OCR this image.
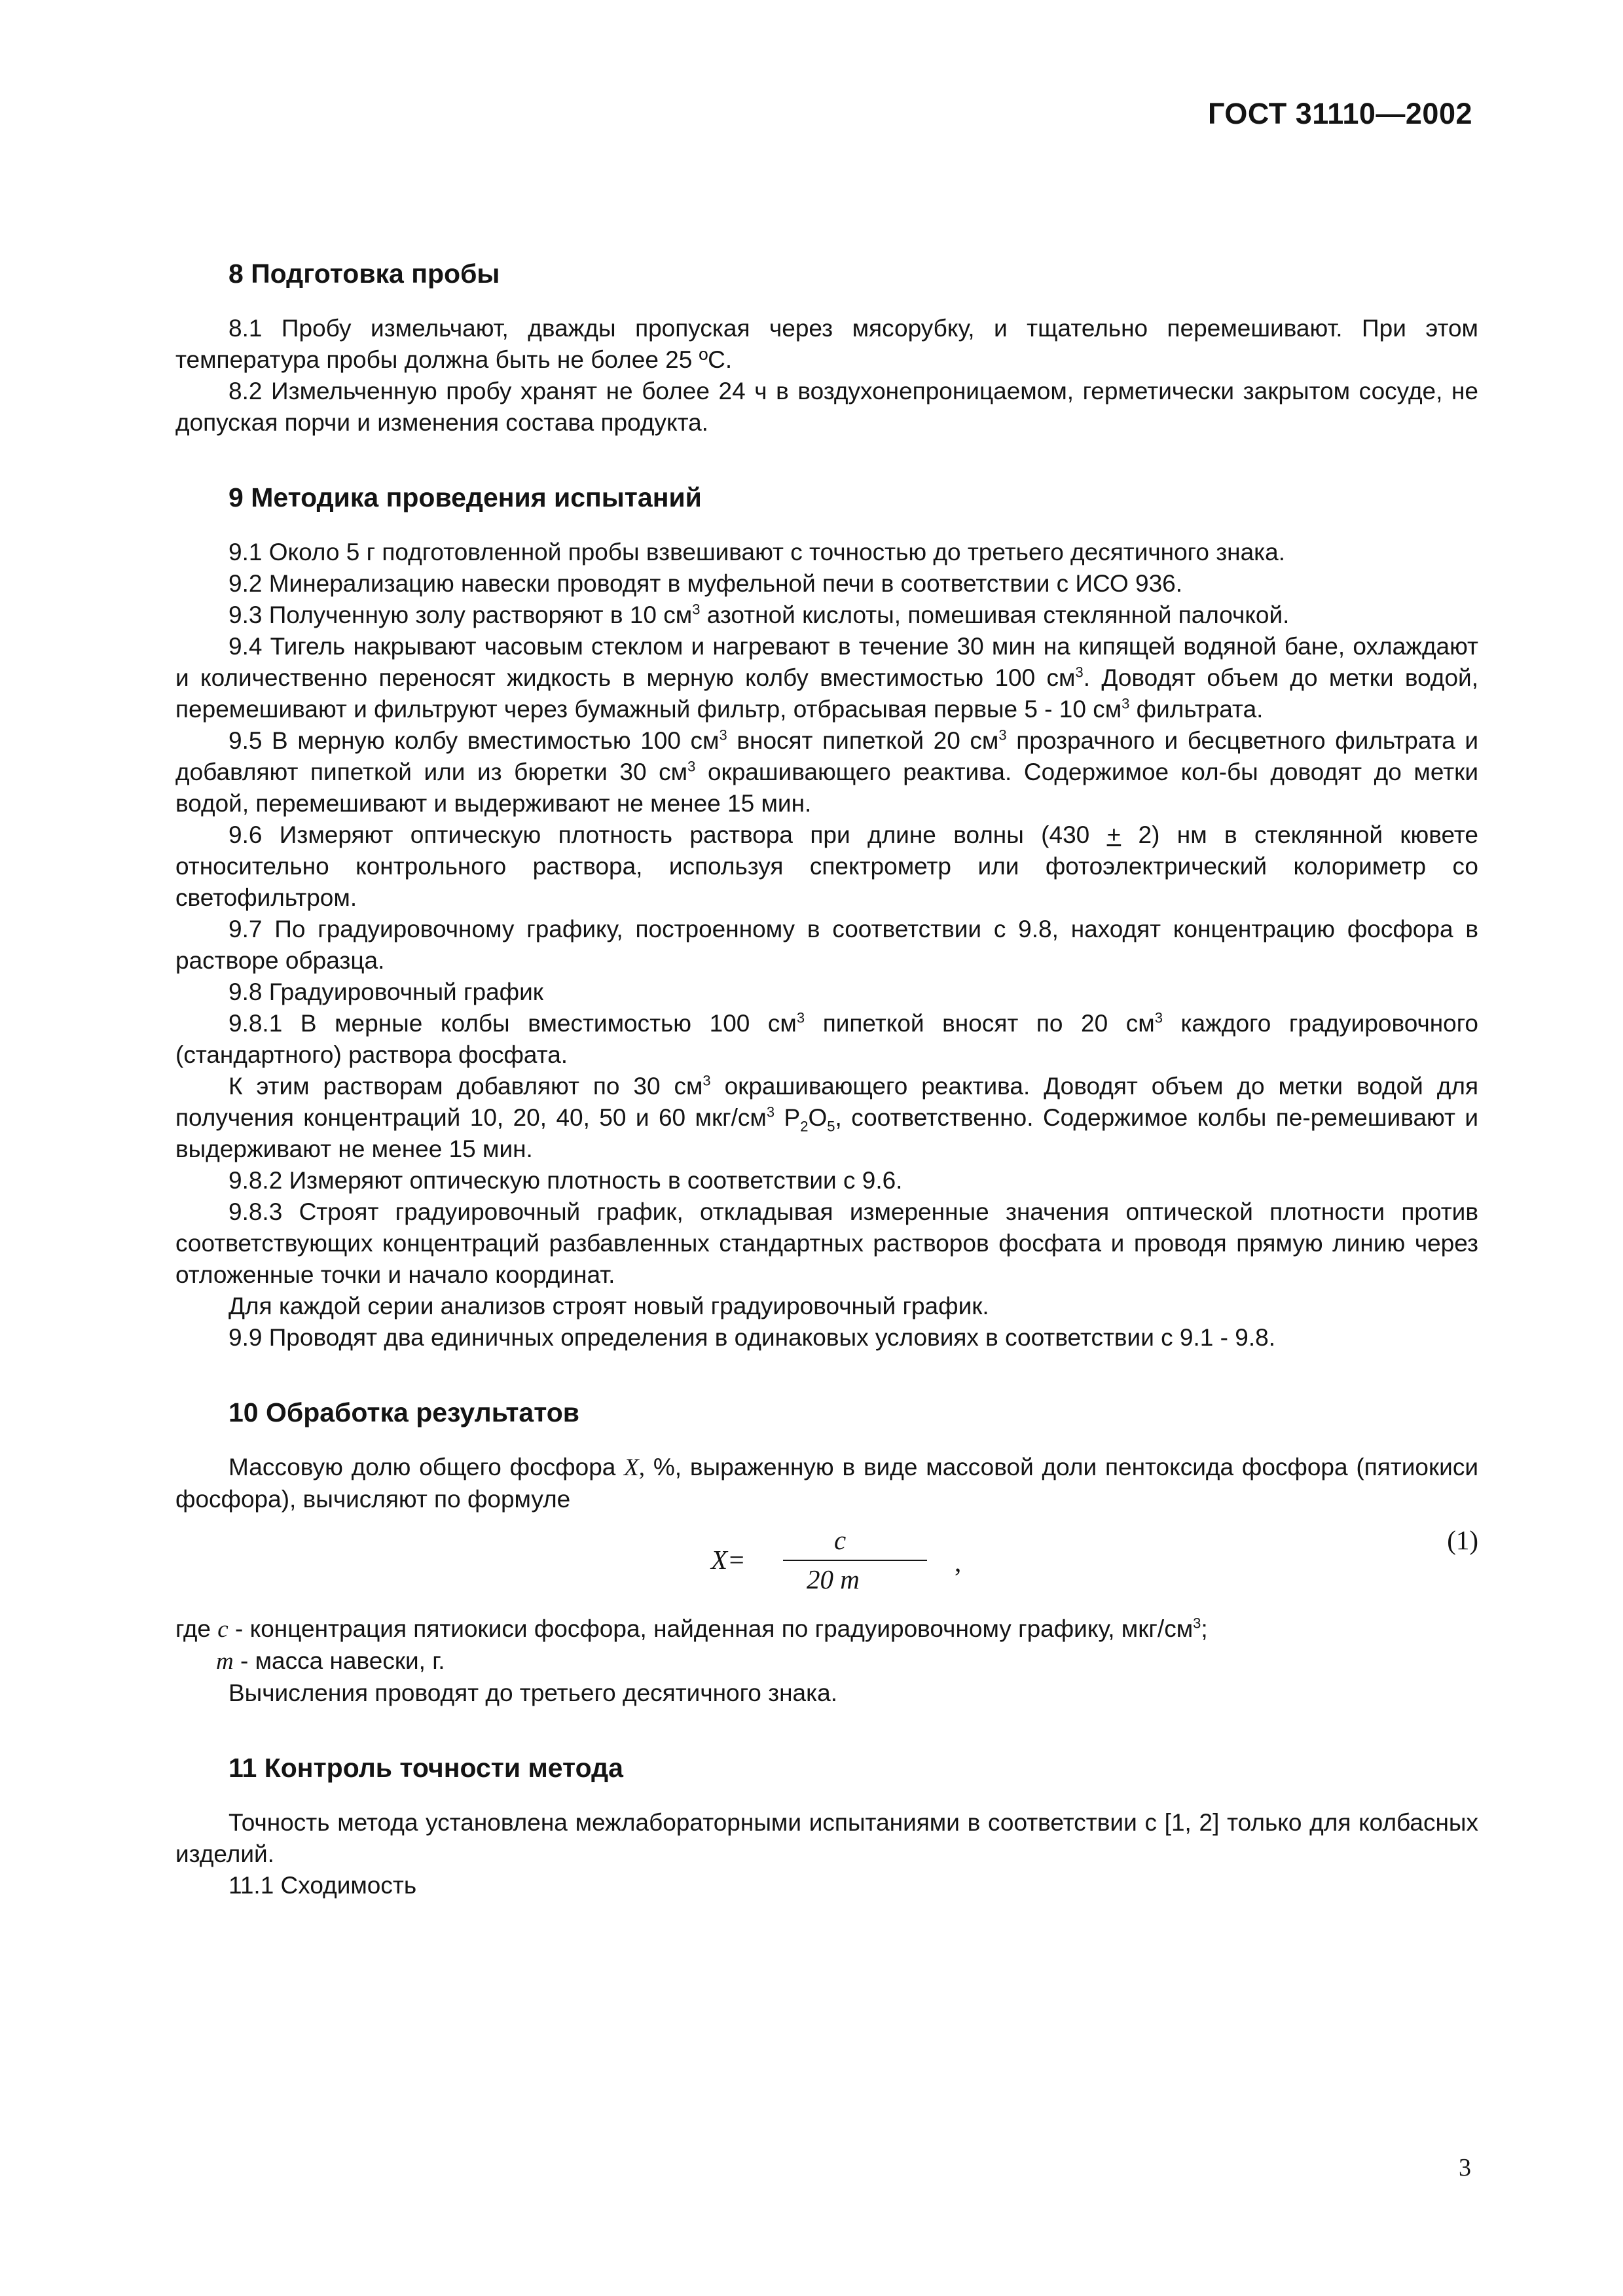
ГОСТ 31110—2002
8 Подготовка пробы

8.1 Пробу измельчают, дважды пропуская через мясорубку, и тщательно перемешивают. При этом температура пробы должна быть не более 25 ºС.

8.2 Измельченную пробу хранят не более 24 ч в воздухонепроницаемом, герметически закрытом сосуде, не допуская порчи и изменения состава продукта.

9 Методика проведения испытаний

9.1 Около 5 г подготовленной пробы взвешивают с точностью до третьего десятичного знака.

9.2 Минерализацию навески проводят в муфельной печи в соответствии с ИСО 936.

9.3 Полученную золу растворяют в 10 $см^3$ азотной кислоты, помешивая стеклянной палочкой.

9.4 Тигель накрывают часовым стеклом и нагревают в течение 30 мин на кипящей водяной бане, охлаждают и количественно переносят жидкость в мерную колбу вместимостью 100 $см^3$. Доводят объем до метки водой, перемешивают и фильтруют через бумажный фильтр, отбрасывая первые 5 - 10 $см^3$ фильтрата.

9.5 В мерную колбу вместимостью 100 $см^3$ вносят пипеткой 20 $см^3$ прозрачного и бесцветного фильтрата и добавляют пипеткой или из бюретки 30 $см^3$ окрашивающего реактива. Содержимое кол-бы доводят до метки водой, перемешивают и выдерживают не менее 15 мин.

9.6 Измеряют оптическую плотность раствора при длине волны (430 + 2) нм в стеклянной кювете относительно контрольного раствора, используя спектрометр или фотоэлектрический колориметр со светофильтром.

9.7 По градуировочному графику, построенному в соответствии с 9.8, находят концентрацию фосфора в растворе образца.

9.8 Градуировочный график

9.8.1 В мерные колбы вместимостью 100 $см^3$ пипеткой вносят по 20 $см^3$ каждого градуировочного (стандартного) раствора фосфата.

К этим растворам добавляют по 30 $см^3$ окрашивающего реактива. Доводят объем до метки водой для получения концентраций 10, 20, 40, 50 и 60 мкг/$см^3$ $P_2O_5$, соответственно. Содержимое колбы пе-ремешивают и выдерживают не менее 15 мин.

9.8.2 Измеряют оптическую плотность в соответствии с 9.6.

9.8.3 Строят градуировочный график, откладывая измеренные значения оптической плотности против соответствующих концентраций разбавленных стандартных растворов фосфата и проводя прямую линию через отложенные точки и начало координат.

Для каждой серии анализов строят новый градуировочный график.

9.9 Проводят два единичных определения в одинаковых условиях в соответствии с 9.1 - 9.8.

10 Обработка результатов

Массовую долю общего фосфора X, %, выраженную в виде массовой доли пентоксида фосфора (пятиокиси фосфора), вычисляют по формуле

X=
c
20 m
,
(1)

где c - концентрация пятиокиси фосфора, найденная по градуировочному графику, мкг/$см^3$;

m - масса навески, г.

Вычисления проводят до третьего десятичного знака.

11 Контроль точности метода

Точность метода установлена межлабораторными испытаниями в соответствии с [1, 2] только для колбасных изделий.

11.1 Сходимость

3
